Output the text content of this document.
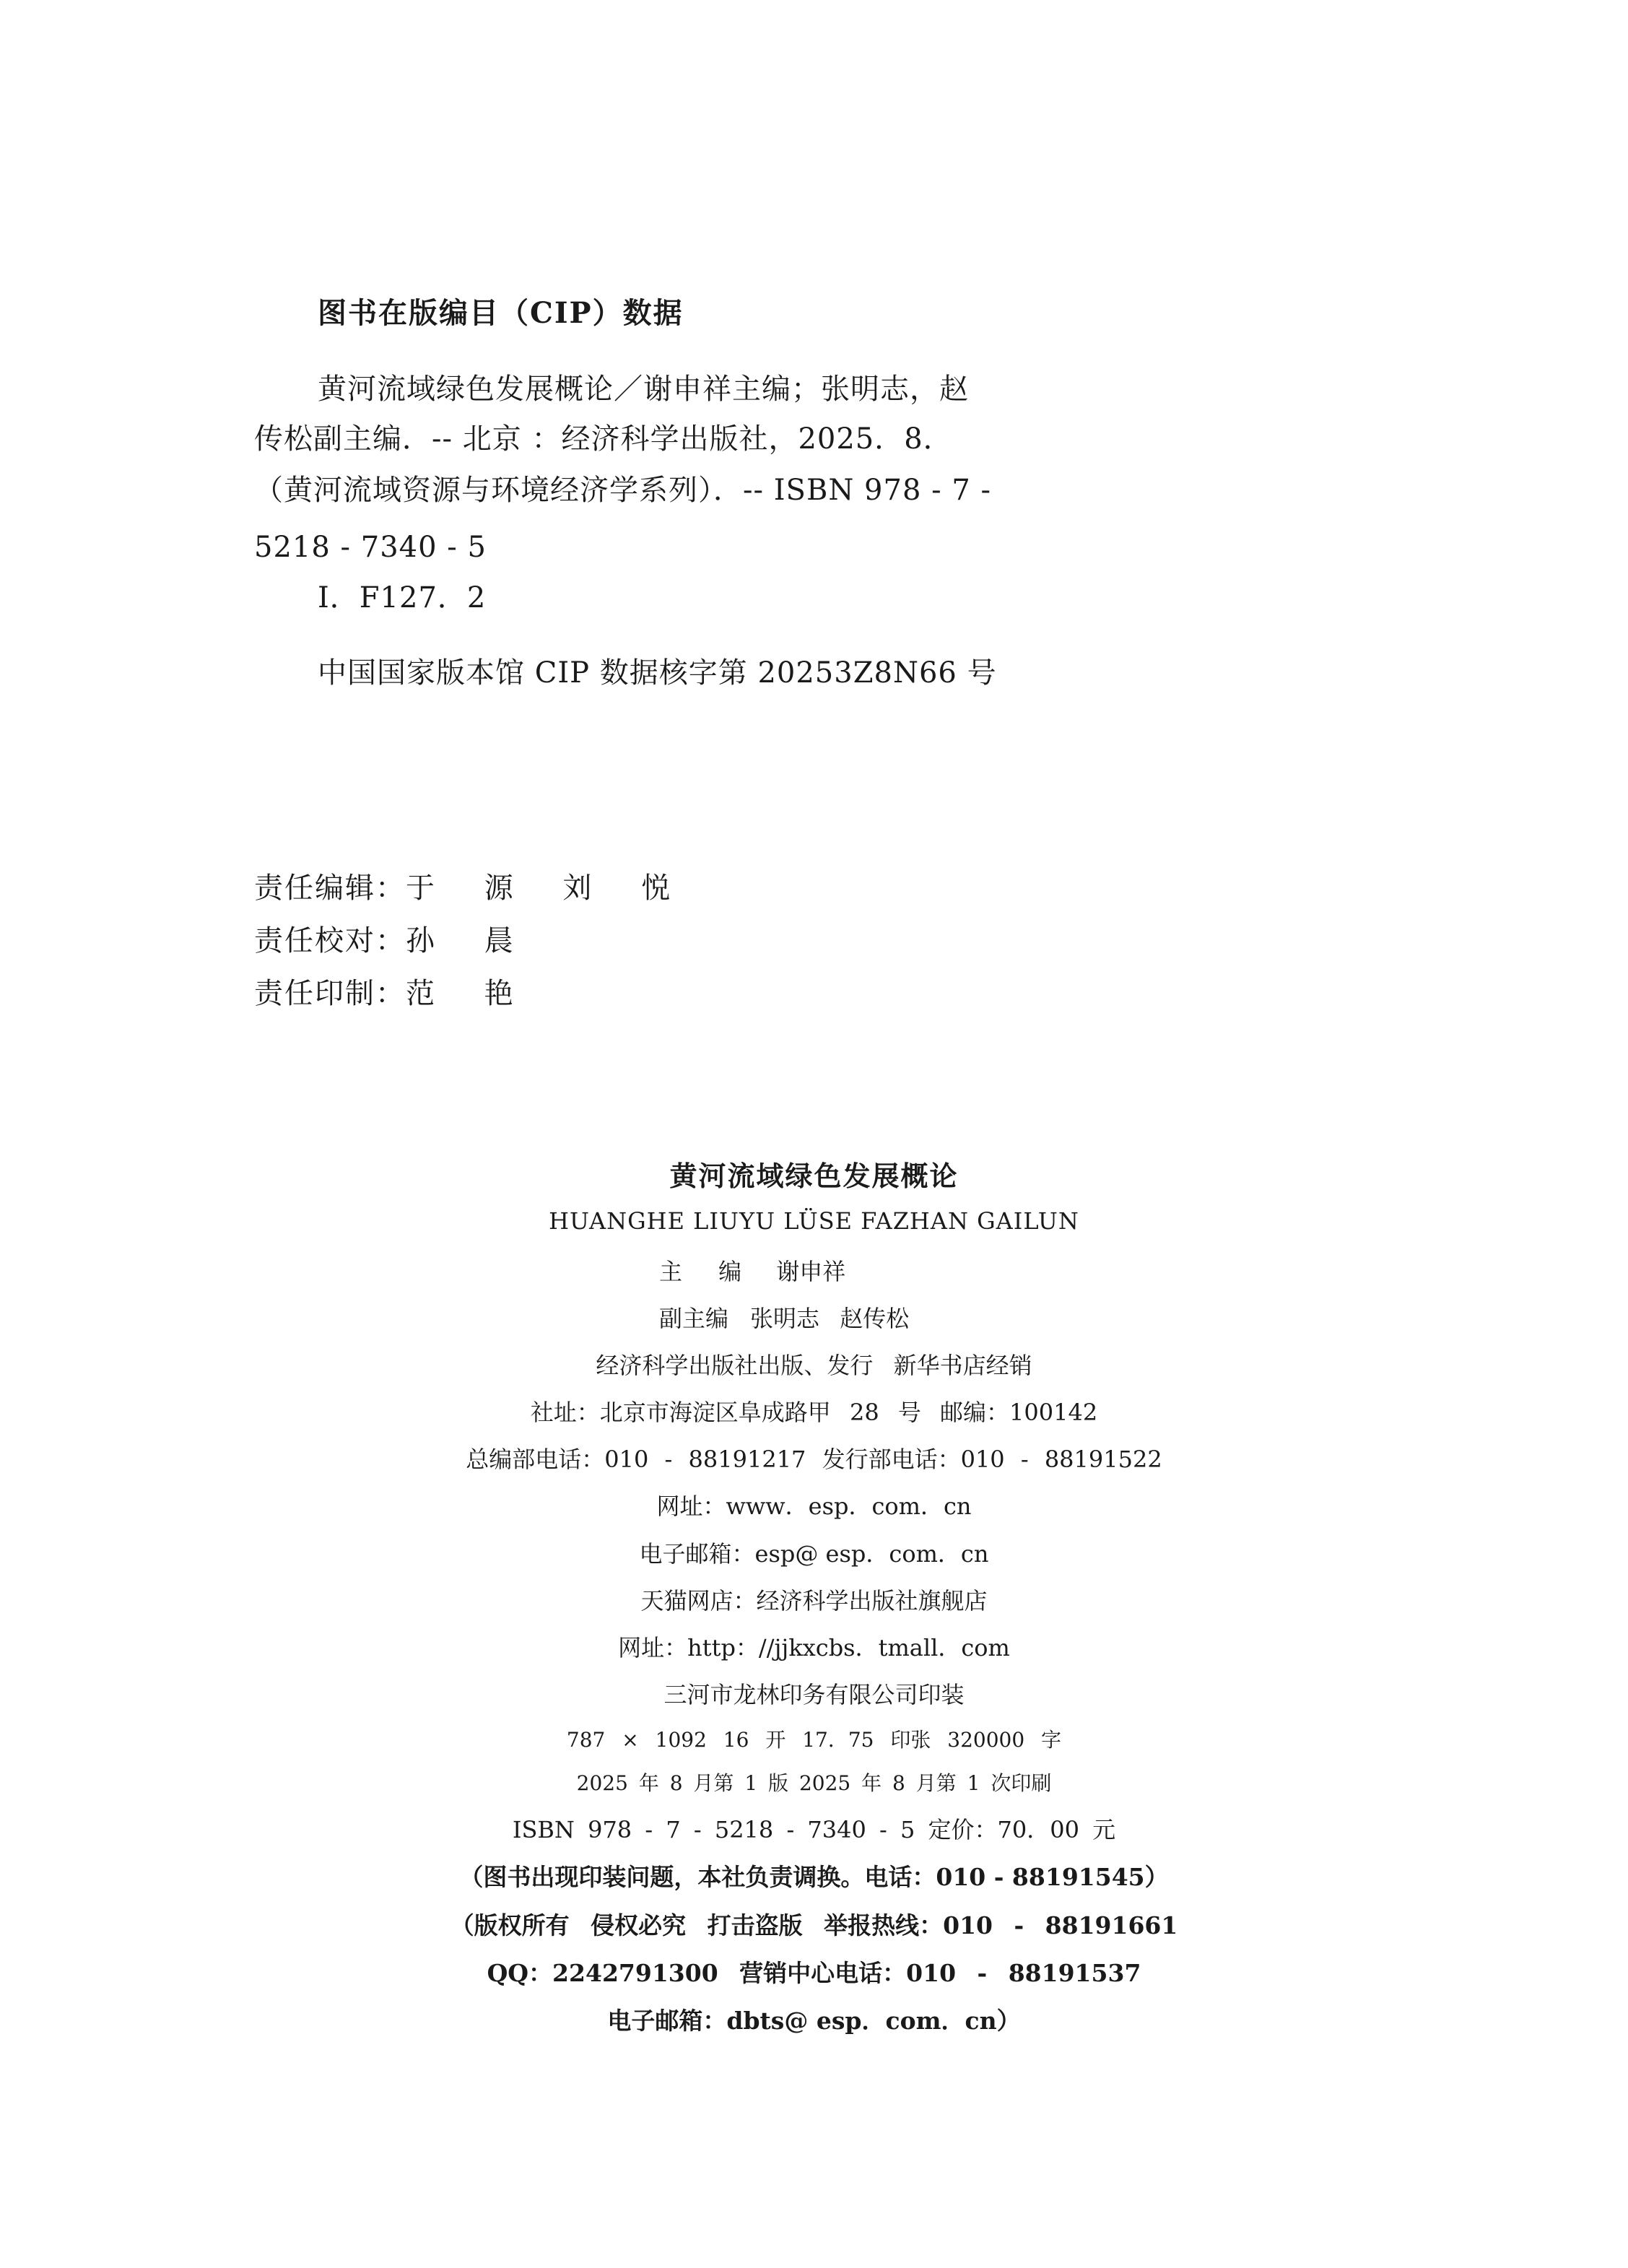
图书在版编目（CIP）数据
黄河流域绿色发展概论／谢申祥主编；张明志，赵
传松副主编．-- 北京 ：经济科学出版社，2025．8．
（黄河流域资源与环境经济学系列）．-- ISBN 978 - 7 -
5218 - 7340 - 5
Ⅰ．F127．2
中国国家版本馆 CIP 数据核字第 20253Z8N66 号
责任编辑：于 源 刘 悦
责任校对：孙 晨
责任印制：范 艳
黄河流域绿色发展概论
HUANGHE LIUYU LÜSE FAZHAN GAILUN
主 编 谢申祥
副主编 张明志 赵传松
经济科学出版社出版、发行 新华书店经销
社址：北京市海淀区阜成路甲 28 号 邮编：100142
总编部电话：010 - 88191217 发行部电话：010 - 88191522
网址：www．esp．com．cn
电子邮箱：esp@ esp．com．cn
天猫网店：经济科学出版社旗舰店
网址：http：//jjkxcbs．tmall．com
三河市龙林印务有限公司印装
787 × 1092 16 开 17．75 印张 320000 字
2025 年 8 月第 1 版 2025 年 8 月第 1 次印刷
ISBN 978 - 7 - 5218 - 7340 - 5 定价：70．00 元
（图书出现印装问题，本社负责调换。电话：010 - 88191545）
（版权所有 侵权必究 打击盗版 举报热线：010 - 88191661
QQ：2242791300 营销中心电话：010 - 88191537
电子邮箱：dbts@ esp．com．cn）
